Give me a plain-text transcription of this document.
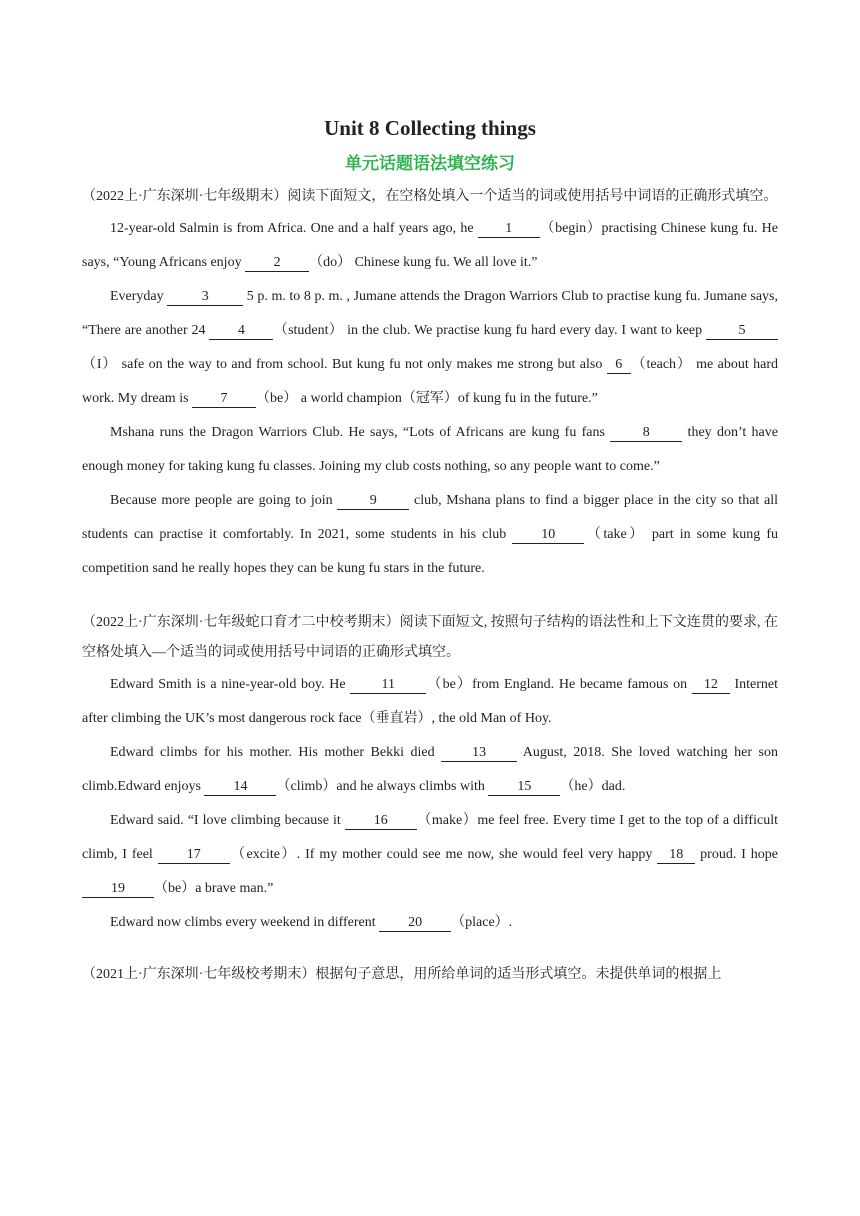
Unit 8 Collecting things
单元话题语法填空练习

（2022上·广东深圳·七年级期末）阅读下面短文，在空格处填入一个适当的词或使用括号中词语的正确形式填空。

12-year-old Salmin is from Africa. One and a half years ago, he 1 （begin）practising Chinese kung fu. He says, “Young Africans enjoy 2 （do） Chinese kung fu. We all love it.”

Everyday 3 5 p. m. to 8 p. m. , Jumane attends the Dragon Warriors Club to practise kung fu. Jumane says, “There are another 24 4 （student） in the club. We practise kung fu hard every day. I want to keep 5（I） safe on the way to and from school. But kung fu not only makes me strong but also 6 （teach） me about hard work. My dream is 7 （be） a world champion（冠军）of kung fu in the future.”

Mshana runs the Dragon Warriors Club. He says, “Lots of Africans are kung fu fans 8 they don’t have enough money for taking kung fu classes. Joining my club costs nothing, so any people want to come.”

Because more people are going to join 9 club, Mshana plans to find a bigger place in the city so that all students can practise it comfortably. In 2021, some students in his club 10 （take） part in some kung fu competition sand he really hopes they can be kung fu stars in the future.

（2022上·广东深圳·七年级蛇口育才二中校考期末）阅读下面短文, 按照句子结构的语法性和上下文连贯的要求, 在空格处填入—个适当的词或使用括号中词语的正确形式填空。

Edward Smith is a nine-year-old boy. He 11 （be）from England. He became famous on 12 Internet after climbing the UK’s most dangerous rock face（垂直岩）, the old Man of Hoy.

Edward climbs for his mother. His mother Bekki died 13 August, 2018. She loved watching her son climb.Edward enjoys 14 （climb）and he always climbs with 15 （he）dad.

Edward said. “I love climbing because it 16 （make）me feel free. Every time I get to the top of a difficult climb, I feel 17 （excite）. If my mother could see me now, she would feel very happy 18 proud. I hope 19 （be）a brave man.”

Edward now climbs every weekend in different 20 （place）.

（2021上·广东深圳·七年级校考期末）根据句子意思，用所给单词的适当形式填空。未提供单词的根据上
